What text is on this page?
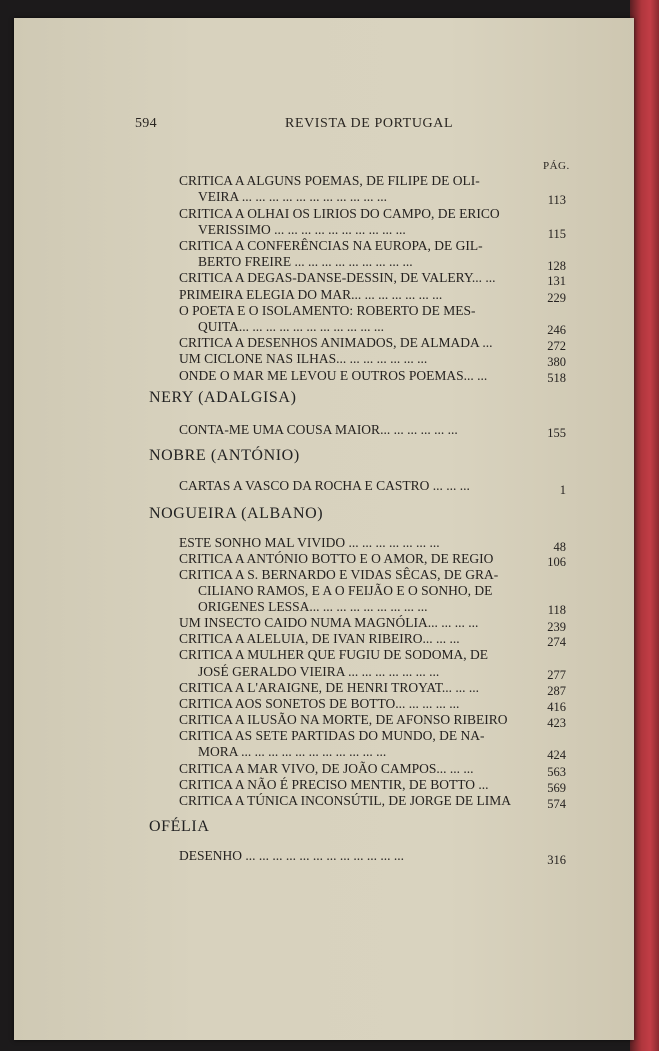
594	REVISTA DE PORTUGAL
PÁG.
CRITICA A ALGUNS POEMAS, DE FILIPE DE OLI-
VEIRA ... ... ... ... ... ... ... ... ... ... ...	113
CRITICA A OLHAI OS LIRIOS DO CAMPO, DE ERICO
VERISSIMO ... ... ... ... ... ... ... ... ... ...	115
CRITICA A CONFERÊNCIAS NA EUROPA, DE GIL-
BERTO FREIRE ... ... ... ... ... ... ... ... ...	128
CRITICA A DEGAS-DANSE-DESSIN, DE VALERY... ...	131
PRIMEIRA ELEGIA DO MAR... ... ... ... ... ... ...	229
O POETA E O ISOLAMENTO: ROBERTO DE MES-
QUITA... ... ... ... ... ... ... ... ... ... ...	246
CRITICA A DESENHOS ANIMADOS, DE ALMADA ...	272
UM CICLONE NAS ILHAS... ... ... ... ... ... ...	380
ONDE O MAR ME LEVOU E OUTROS POEMAS... ...	518
NERY (ADALGISA)
CONTA-ME UMA COUSA MAIOR... ... ... ... ... ...	155
NOBRE (ANTÓNIO)
CARTAS A VASCO DA ROCHA E CASTRO ... ... ...	1
NOGUEIRA (ALBANO)
ESTE SONHO MAL VIVIDO ... ... ... ... ... ... ...	48
CRITICA A ANTÓNIO BOTTO E O AMOR, DE REGIO	106
CRITICA A S. BERNARDO E VIDAS SÊCAS, DE GRA-
CILIANO RAMOS, E A O FEIJÃO E O SONHO, DE
ORIGENES LESSA... ... ... ... ... ... ... ... ...	118
UM INSECTO CAIDO NUMA MAGNÓLIA... ... ... ...	239
CRITICA A ALELUIA, DE IVAN RIBEIRO... ... ...	274
CRITICA A MULHER QUE FUGIU DE SODOMA, DE
JOSÉ GERALDO VIEIRA ... ... ... ... ... ... ...	277
CRITICA A L'ARAIGNE, DE HENRI TROYAT... ... ...	287
CRITICA AOS SONETOS DE BOTTO... ... ... ... ...	416
CRITICA A ILUSÃO NA MORTE, DE AFONSO RIBEIRO	423
CRITICA AS SETE PARTIDAS DO MUNDO, DE NA-
MORA ... ... ... ... ... ... ... ... ... ... ...	424
CRITICA A MAR VIVO, DE JOÃO CAMPOS... ... ...	563
CRITICA A NÃO É PRECISO MENTIR, DE BOTTO ...	569
CRITICA A TÚNICA INCONSÚTIL, DE JORGE DE LIMA	574
OFÉLIA
DESENHO ... ... ... ... ... ... ... ... ... ... ... ...	316
